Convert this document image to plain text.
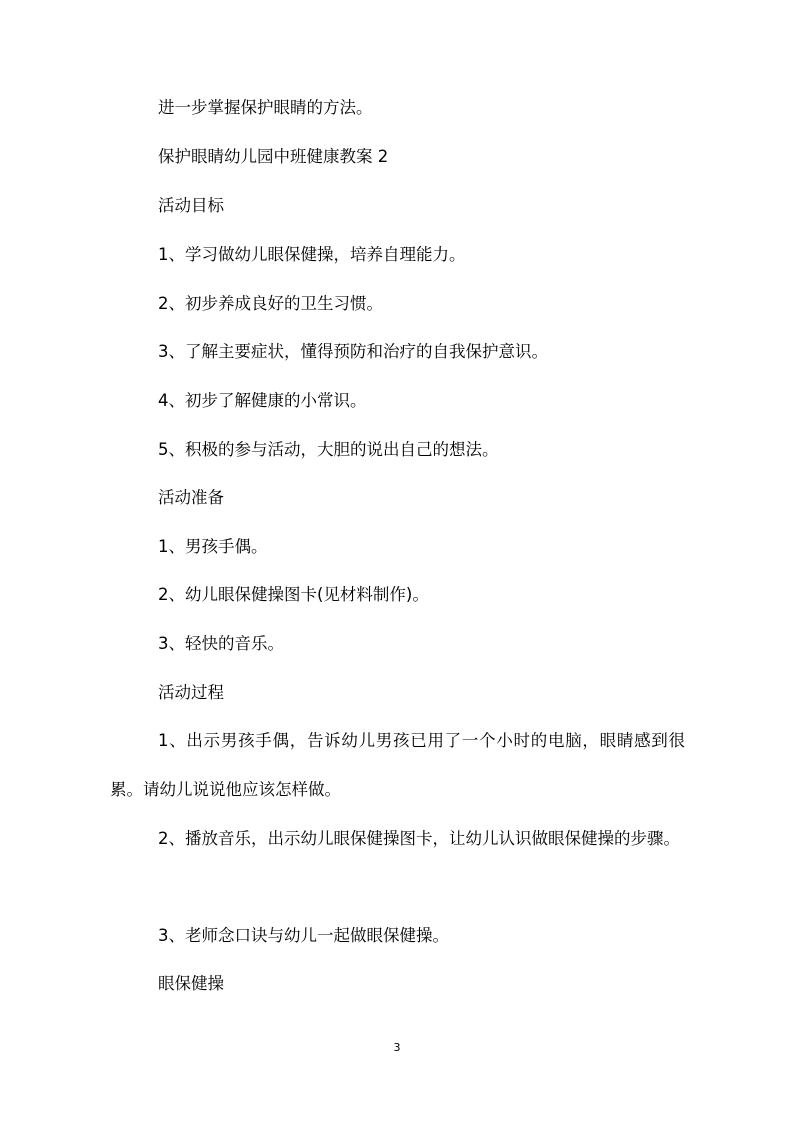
进一步掌握保护眼睛的方法。

保护眼睛幼儿园中班健康教案 2

活动目标

1、学习做幼儿眼保健操，培养自理能力。

2、初步养成良好的卫生习惯。

3、了解主要症状，懂得预防和治疗的自我保护意识。

4、初步了解健康的小常识。

5、积极的参与活动，大胆的说出自己的想法。

活动准备

1、男孩手偶。

2、幼儿眼保健操图卡(见材料制作)。

3、轻快的音乐。

活动过程

1、出示男孩手偶，告诉幼儿男孩已用了一个小时的电脑，眼睛感到很累。请幼儿说说他应该怎样做。

2、播放音乐，出示幼儿眼保健操图卡，让幼儿认识做眼保健操的步骤。

3、老师念口诀与幼儿一起做眼保健操。

眼保健操

3
